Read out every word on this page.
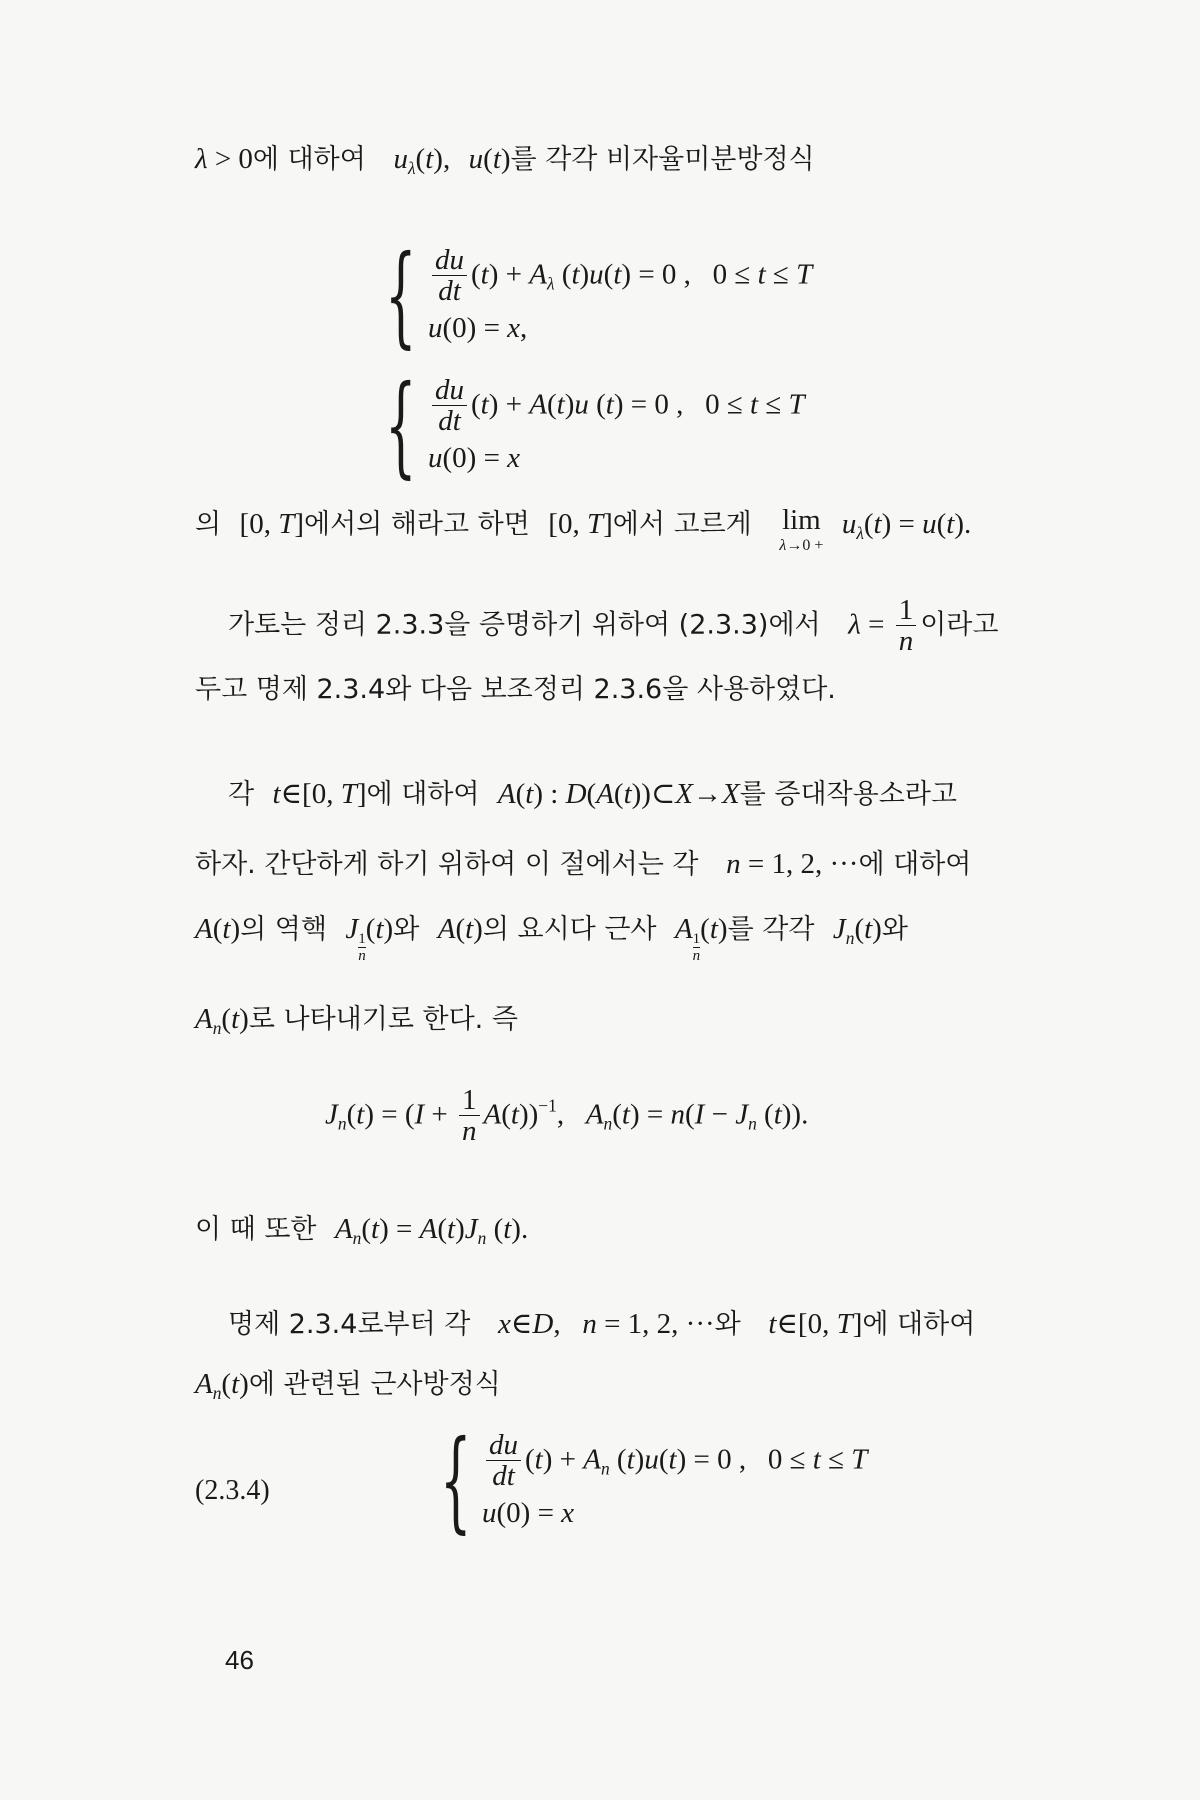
λ > 0에 대하여 $u_\lambda(t)$, u(t)를 각각 비자율미분방정식
{ $\frac{du}{dt} (t) + A_\lambda$ (t)u(t) = 0 ,   0 ≤ t ≤ T
u(0) = x,
{ $\frac{du}{dt} (t) + A(t)u$ (t) = 0 ,   0 ≤ t ≤ T
u(0) = x
의 [0, T]에서의 해라고 하면 [0, T]에서 고르게 lim
λ→0 +
$u_\lambda(t) = u(t)$.
가토는 정리 2.3.3을 증명하기 위하여 (2.3.3)에서 $\lambda = \frac{1}{n}$ 이라고
두고 명제 2.3.4와 다음 보조정리 2.3.6을 사용하였다.
각 t∈[0, T]에 대하여 A(t) : D(A(t))⊂X→X를 증대작용소라고
하자. 간단하게 하기 위하여 이 절에서는 각 n = 1, 2, ···에 대하여
A(t)의 역핵 J
$\frac{1}{n}(t)$와 A(t)의 요시다 근사 A
$\frac{1}{n}(t)$를 각각 $J_n(t)$와
$A_n(t)$로 나타내기로 한다. 즉
$J_n(t) = (I + \frac{1}{n} A(t))^{-1}$,   $A_n(t) = n(I - J_n$ (t)).
이 때 또한 $A_n(t) = A(t)J_n$ (t).
명제 2.3.4로부터 각 x∈D,   n = 1, 2, ···와 t∈[0, T]에 대하여
$A_n(t)$에 관련된 근사방정식
(2.3.4) { $\frac{du}{dt} (t) + A_n$ (t)u(t) = 0 ,   0 ≤ t ≤ T
u(0) = x
46
